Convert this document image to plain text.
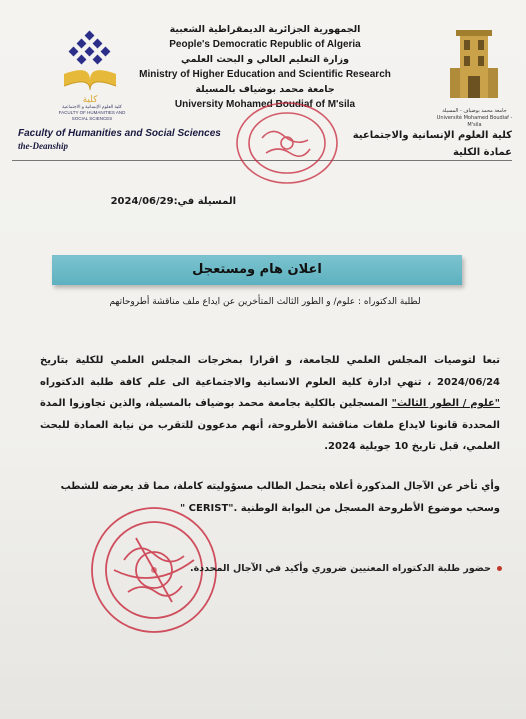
كلية
كلية العلوم الإنسانية و الاجتماعية
FACULTY OF HUMANITIES AND SOCIAL SCIENCES
الجمهورية الجزائرية الديمقراطية الشعبية
People's Democratic Republic of Algeria
وزارة التعليم العالي و البحث العلمي
Ministry of Higher Education and Scientific Research
جامعة محمد بوضياف بالمسيلة
University Mohamed Boudiaf of M'sila
جامعة محمد بوضياف - المسيلة
Université Mohamed Boudiaf - M'sila
Faculty of Humanities and Social Sciences
the-Deanship
كلية العلوم الإنسانية والاجتماعية
عمادة الكلية
المسيلة في:2024/06/29
اعلان هام ومستعجل
لطلبة الدكتوراه : علوم/ و الطور الثالث المتأخرين عن ايداع ملف مناقشة أطروحاتهم

تبعا لتوصيات المجلس العلمي للجامعة، و اقرارا بمخرجات المجلس العلمي للكلية بتاريخ 2024/06/24 ، تنهي ادارة كلية العلوم الانسانية والاجتماعية الى علم كافة طلبة الدكتوراه "علوم / الطور الثالث" المسجلين بالكلية بجامعة محمد بوضياف بالمسيلة، والذين تجاوزوا المدة المحددة قانونا لايداع ملفات مناقشة الأطروحة، أنهم مدعوون للتقرب من نيابة العمادة للبحث العلمي، قبل تاريخ 10 جويلية 2024.

وأي تأخر عن الآجال المذكورة أعلاه يتحمل الطالب مسؤوليته كاملة، مما قد يعرضه للشطب وسحب موضوع الأطروحة المسجل من البوابة الوطنية ."CERIST "
حضور طلبة الدكتوراه المعنيين ضروري وأكيد في الآجال المحددة.
